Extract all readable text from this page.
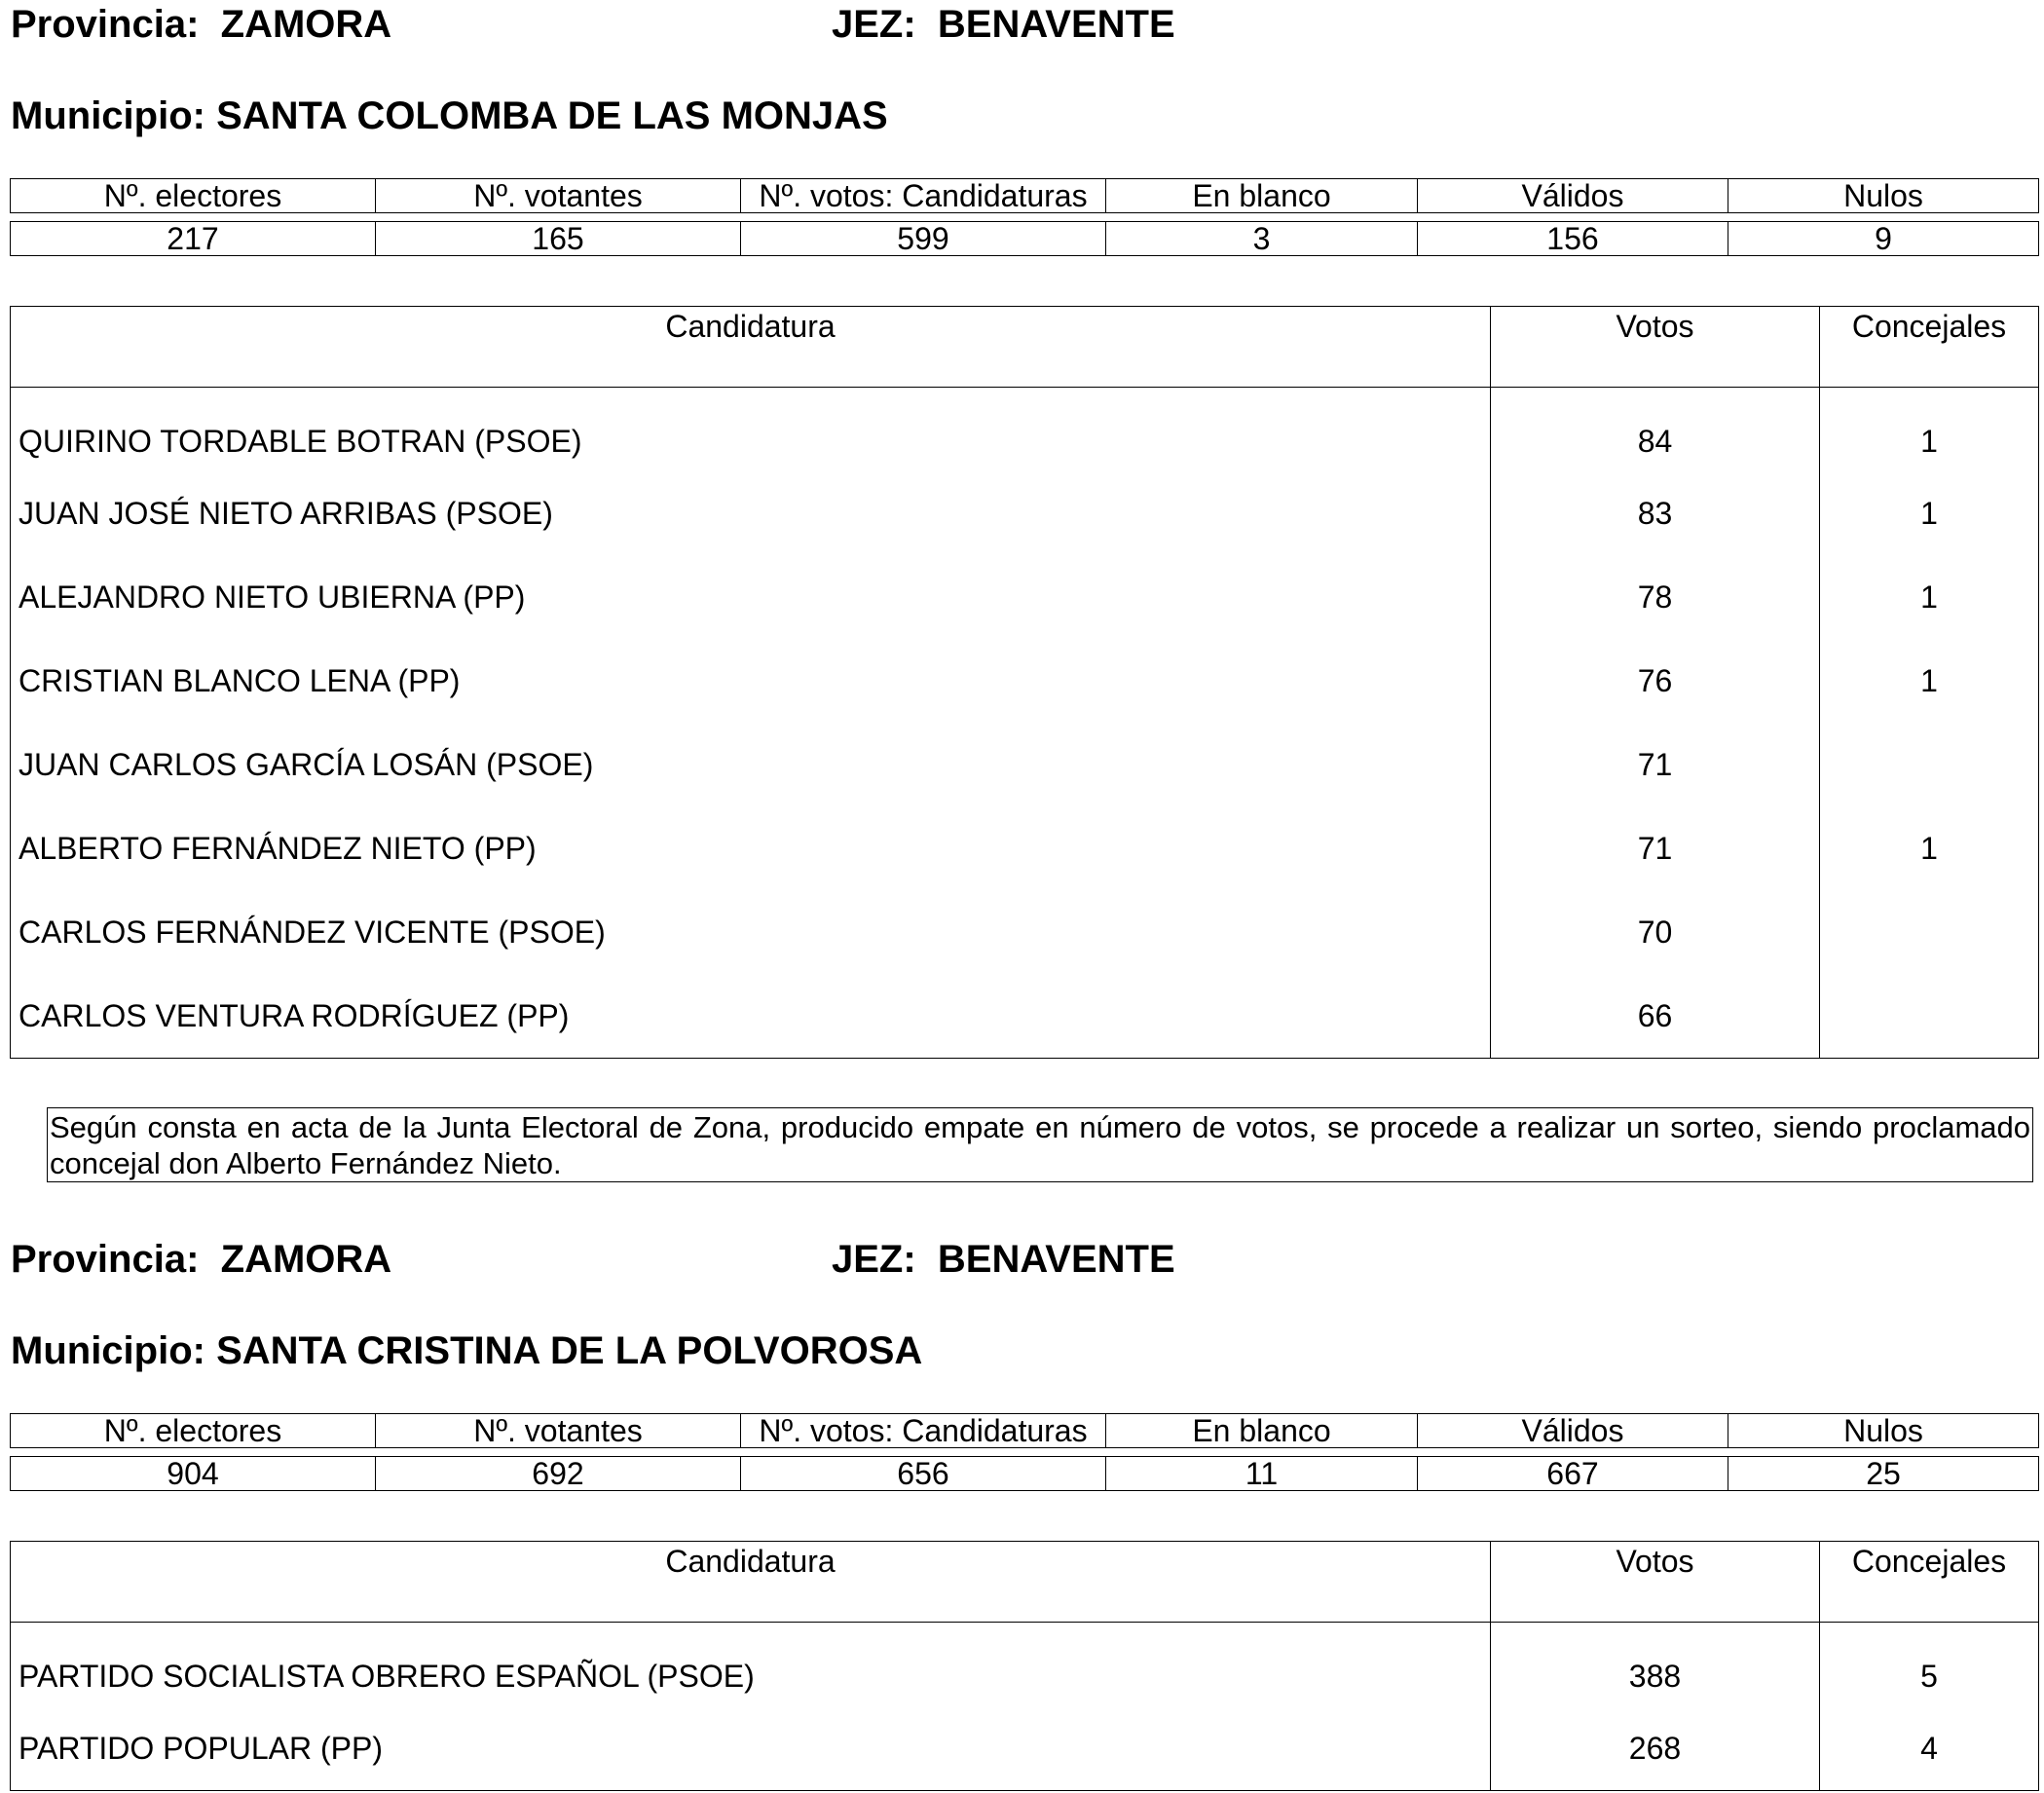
Provincia: ZAMORA	JEZ: BENAVENTE
Municipio: SANTA COLOMBA DE LAS MONJAS
Nº. electores	Nº. votantes	Nº. votos: Candidaturas	En blanco	Válidos	Nulos

217	165	599	3	156	9
Candidatura	Votos	Concejales
QUIRINO TORDABLE BOTRAN (PSOE)	84	1
JUAN JOSÉ NIETO ARRIBAS (PSOE)	83	1
ALEJANDRO NIETO UBIERNA (PP)	78	1
CRISTIAN BLANCO LENA (PP)	76	1
JUAN CARLOS GARCÍA LOSÁN (PSOE)	71	
ALBERTO FERNÁNDEZ NIETO (PP)	71	1
CARLOS FERNÁNDEZ VICENTE (PSOE)	70	
CARLOS VENTURA RODRÍGUEZ (PP)	66	
Según consta en acta de la Junta Electoral de Zona, producido empate en número de votos, se procede a realizar un sorteo, siendo proclamado concejal don Alberto Fernández Nieto.
Provincia: ZAMORA	JEZ: BENAVENTE
Municipio: SANTA CRISTINA DE LA POLVOROSA
Nº. electores	Nº. votantes	Nº. votos: Candidaturas	En blanco	Válidos	Nulos

904	692	656	11	667	25
Candidatura	Votos	Concejales
PARTIDO SOCIALISTA OBRERO ESPAÑOL (PSOE)	388	5
PARTIDO POPULAR (PP)	268	4
